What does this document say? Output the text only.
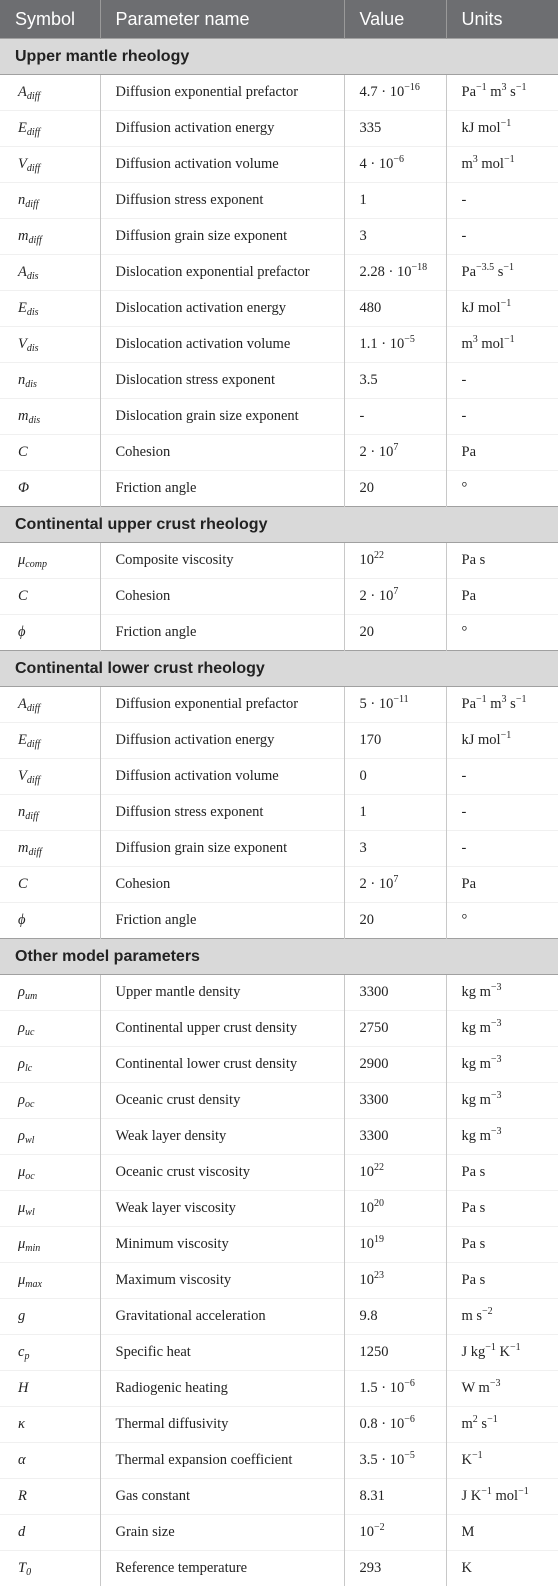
Symbol	Parameter name	Value	Units
Upper mantle rheology			
$A_{diff}$	Diffusion exponential prefactor	$4.7 \cdot 10^{-16}$	$Pa^{-1}$ $m^3$ $s^{-1}$
$E_{diff}$	Diffusion activation energy	335	kJ mol$^{-1}$
$V_{diff}$	Diffusion activation volume	$4 \cdot 10^{-6}$	$m^3$ mol$^{-1}$
$n_{diff}$	Diffusion stress exponent	1	-
$m_{diff}$	Diffusion grain size exponent	3	-
$A_{dis}$	Dislocation exponential prefactor	$2.28 \cdot 10^{-18}$	$Pa^{-3.5}$ $s^{-1}$
$E_{dis}$	Dislocation activation energy	480	kJ mol$^{-1}$
$V_{dis}$	Dislocation activation volume	$1.1 \cdot 10^{-5}$	$m^3$ mol$^{-1}$
$n_{dis}$	Dislocation stress exponent	3.5	-
$m_{dis}$	Dislocation grain size exponent	-	-
C	Cohesion	$2 \cdot 10^7$	Pa
Φ	Friction angle	20	°
Continental upper crust rheology			
$\mu_{comp}$	Composite viscosity	$10^{22}$	Pa s
C	Cohesion	$2 \cdot 10^7$	Pa
ϕ	Friction angle	20	°
Continental lower crust rheology			
$A_{diff}$	Diffusion exponential prefactor	$5 \cdot 10^{-11}$	$Pa^{-1}$ $m^3$ $s^{-1}$
$E_{diff}$	Diffusion activation energy	170	kJ mol$^{-1}$
$V_{diff}$	Diffusion activation volume	0	-
$n_{diff}$	Diffusion stress exponent	1	-
$m_{diff}$	Diffusion grain size exponent	3	-
C	Cohesion	$2 \cdot 10^7$	Pa
ϕ	Friction angle	20	°
Other model parameters			
$\rho_{um}$	Upper mantle density	3300	kg $m^{-3}$
$\rho_{uc}$	Continental upper crust density	2750	kg $m^{-3}$
$\rho_{lc}$	Continental lower crust density	2900	kg $m^{-3}$
$\rho_{oc}$	Oceanic crust density	3300	kg $m^{-3}$
$\rho_{wl}$	Weak layer density	3300	kg $m^{-3}$
$\mu_{oc}$	Oceanic crust viscosity	$10^{22}$	Pa s
$\mu_{wl}$	Weak layer viscosity	$10^{20}$	Pa s
$\mu_{min}$	Minimum viscosity	$10^{19}$	Pa s
$\mu_{max}$	Maximum viscosity	$10^{23}$	Pa s
g	Gravitational acceleration	9.8	m $s^{-2}$
$c_p$	Specific heat	1250	J $kg^{-1}$ $K^{-1}$
H	Radiogenic heating	$1.5 \cdot 10^{-6}$	W $m^{-3}$
κ	Thermal diffusivity	$0.8 \cdot 10^{-6}$	$m^2$ $s^{-1}$
α	Thermal expansion coefficient	$3.5 \cdot 10^{-5}$	$K^{-1}$
R	Gas constant	8.31	J $K^{-1}$ mol$^{-1}$
d	Grain size	$10^{-2}$	M
$T_0$	Reference temperature	293	K
